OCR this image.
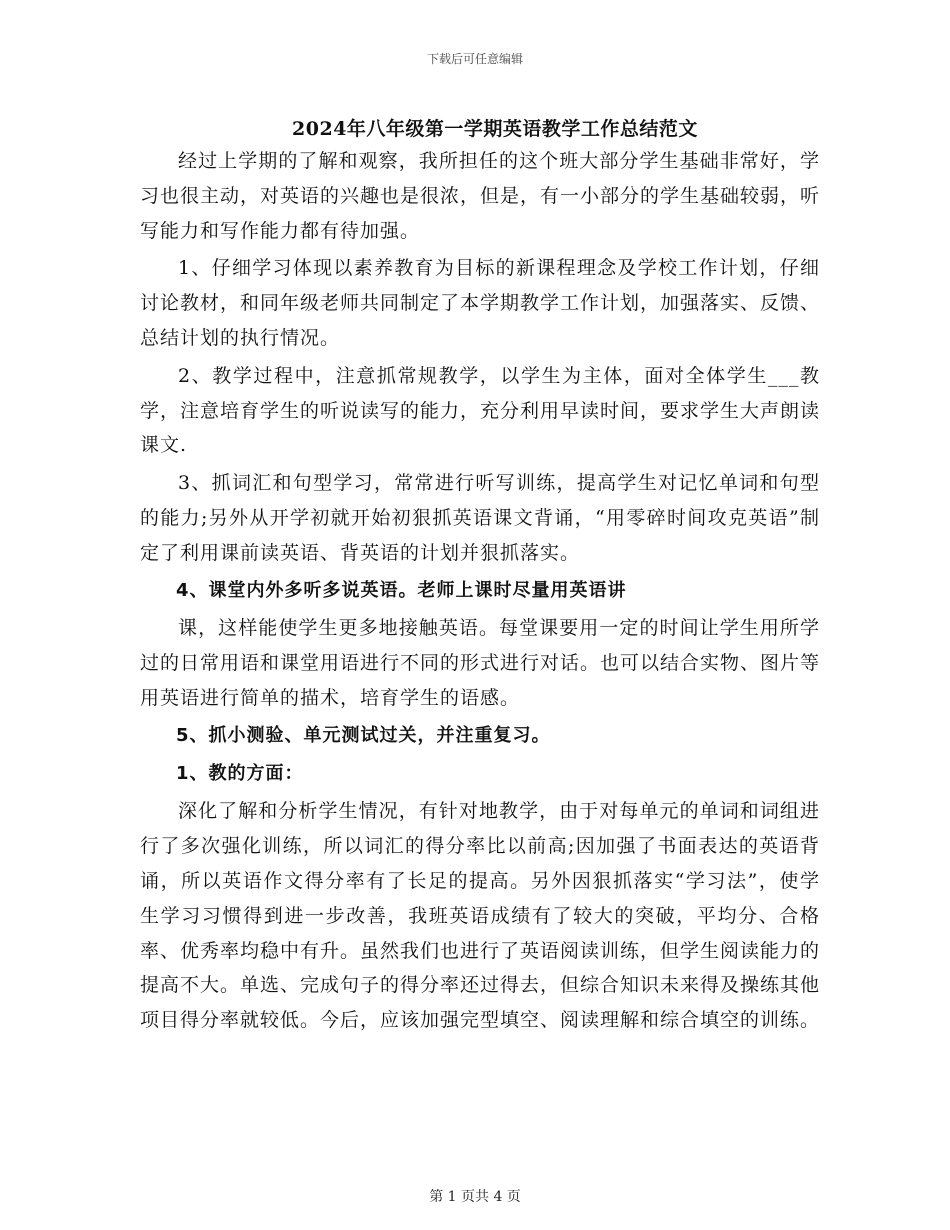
下载后可任意编辑
2024年八年级第一学期英语教学工作总结范文

经过上学期的了解和观察，我所担任的这个班大部分学生基础非常好，学习也很主动，对英语的兴趣也是很浓，但是，有一小部分的学生基础较弱，听写能力和写作能力都有待加强。

1、仔细学习体现以素养教育为目标的新课程理念及学校工作计划，仔细讨论教材，和同年级老师共同制定了本学期教学工作计划，加强落实、反馈、总结计划的执行情况。

2、教学过程中，注意抓常规教学，以学生为主体，面对全体学生___教学，注意培育学生的听说读写的能力，充分利用早读时间，要求学生大声朗读课文.

3、抓词汇和句型学习，常常进行听写训练，提高学生对记忆单词和句型的能力;另外从开学初就开始初狠抓英语课文背诵，“用零碎时间攻克英语”制定了利用课前读英语、背英语的计划并狠抓落实。

4、课堂内外多听多说英语。老师上课时尽量用英语讲

课，这样能使学生更多地接触英语。每堂课要用一定的时间让学生用所学过的日常用语和课堂用语进行不同的形式进行对话。也可以结合实物、图片等用英语进行简单的描术，培育学生的语感。

5、抓小测验、单元测试过关，并注重复习。

1、教的方面：

深化了解和分析学生情况，有针对地教学，由于对每单元的单词和词组进行了多次强化训练，所以词汇的得分率比以前高;因加强了书面表达的英语背诵，所以英语作文得分率有了长足的提高。另外因狠抓落实“学习法”，使学生学习习惯得到进一步改善，我班英语成绩有了较大的突破，平均分、合格率、优秀率均稳中有升。虽然我们也进行了英语阅读训练，但学生阅读能力的提高不大。单选、完成句子的得分率还过得去，但综合知识未来得及操练其他项目得分率就较低。今后，应该加强完型填空、阅读理解和综合填空的训练。

第 1 页共 4 页
